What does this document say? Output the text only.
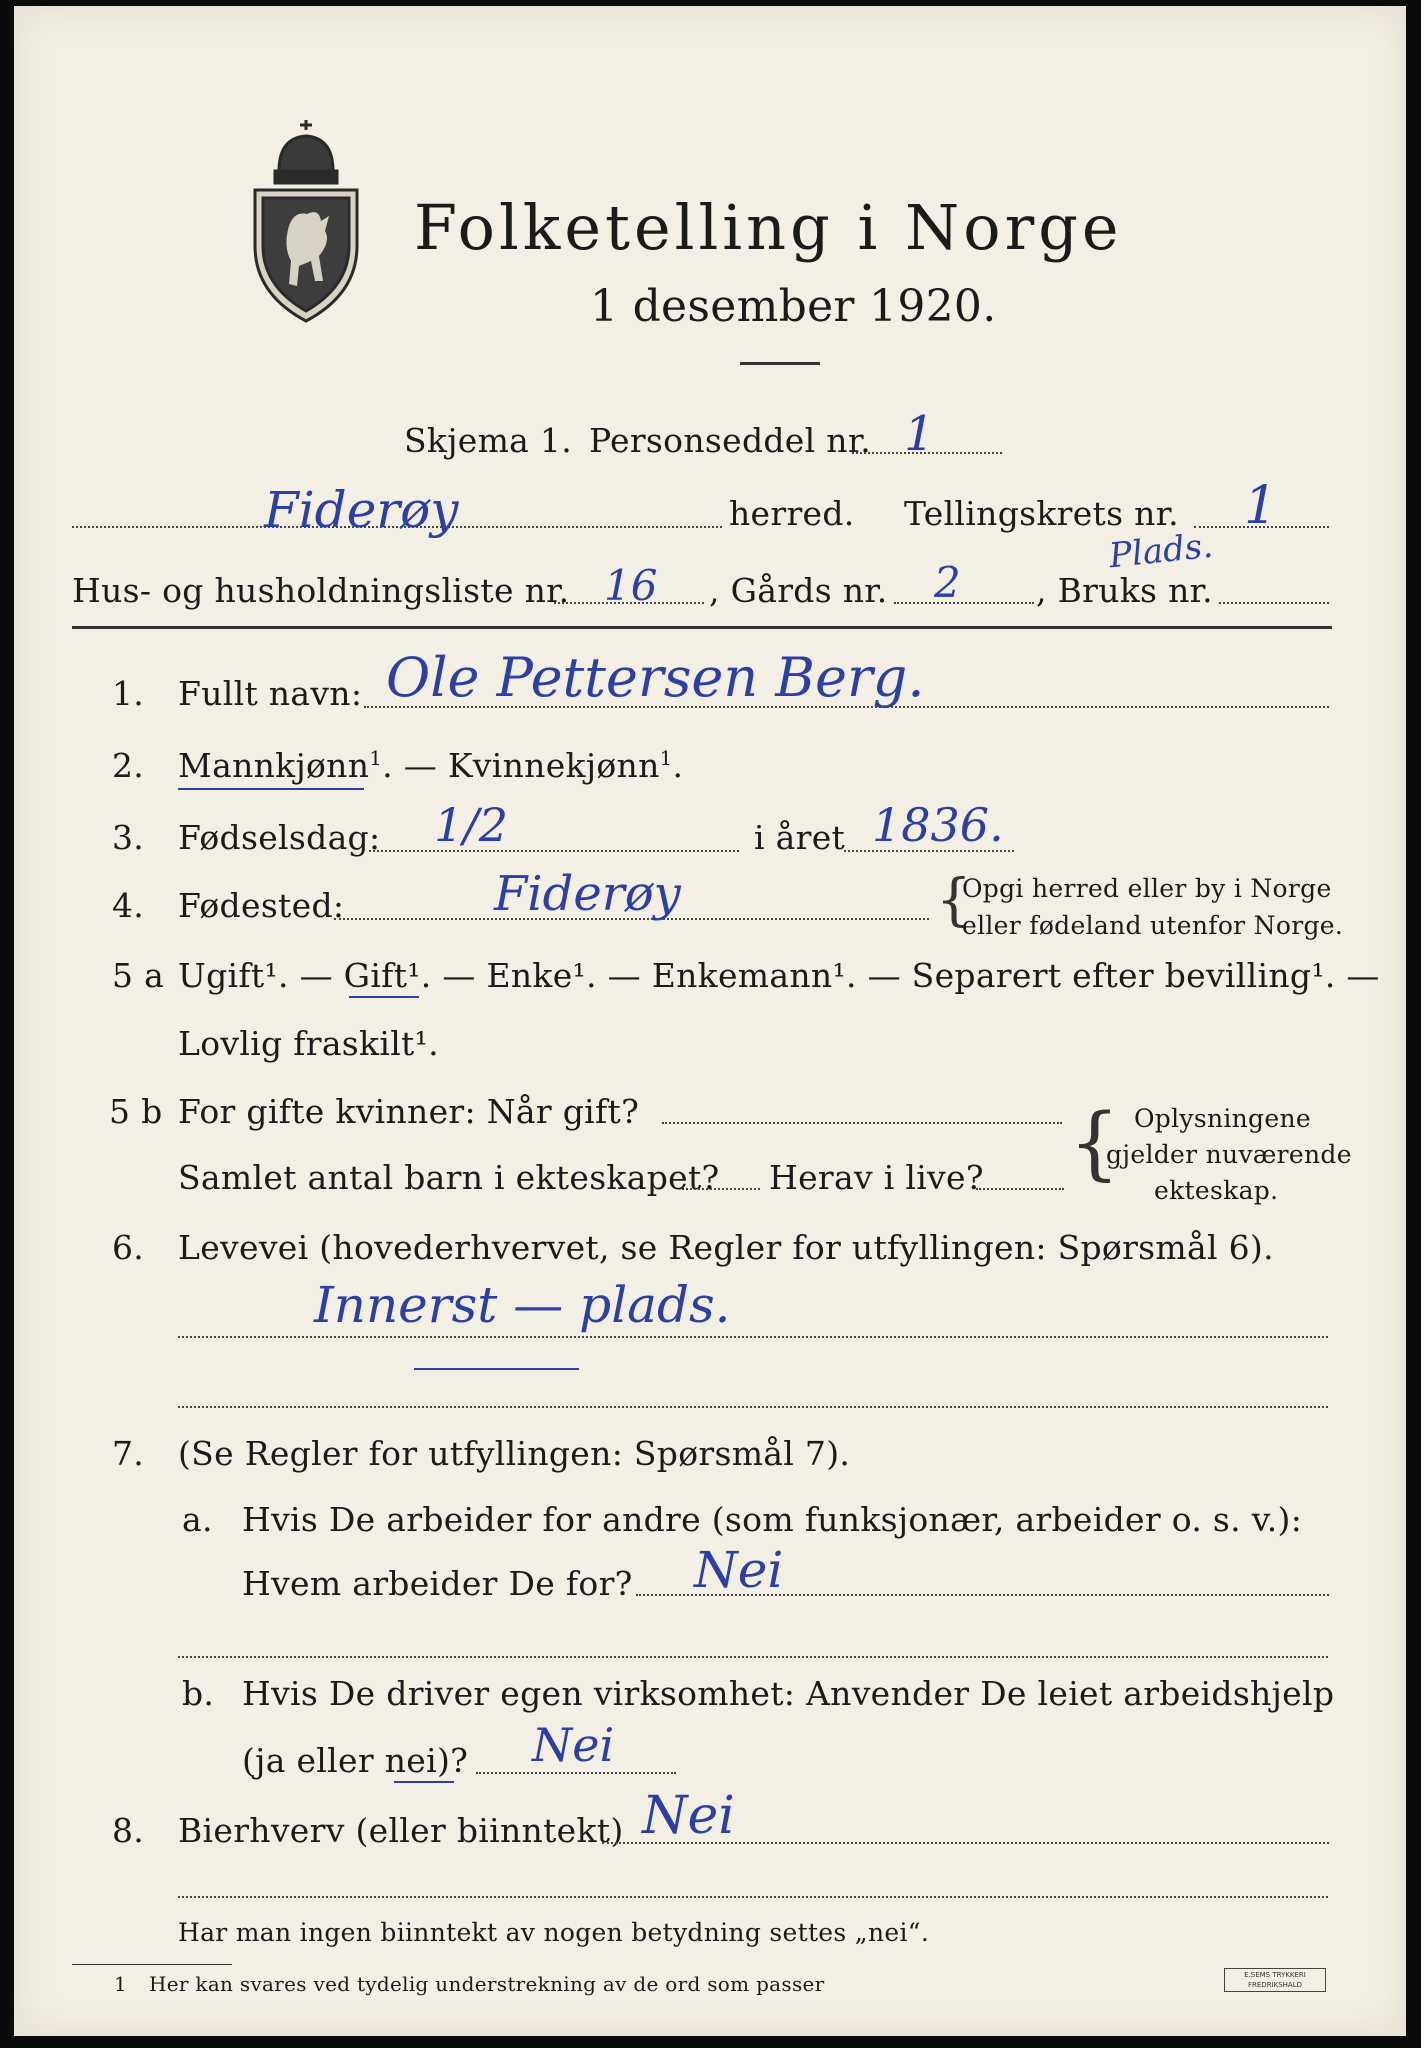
Folketelling i Norge
1 desember 1920.
Skjema 1. Personseddel nr. 1
Fiderøy	herred. Tellingskrets nr. 1
Plads.
Hus- og husholdningsliste nr. 16 , Gårds nr. 2 , Bruks nr.
1. Fullt navn: Ole Pettersen Berg.
2. Mannkjønn$^1$. — Kvinnekjønn$^1$.
3. Fødselsdag: 1/2	i året 1836.
4. Fødested:	Fiderøy	{
Opgi herred eller by i Norge
eller fødeland utenfor Norge.
5 a Ugift¹. — Gift¹. — Enke¹. — Enkemann¹. — Separert efter bevilling¹. —
Lovlig fraskilt¹.
5 b For gifte kvinner: Når gift?
Samlet antal barn i ekteskapet? Herav i live? { Oplysningene
gjelder nuværende
ekteskap.
6. Levevei (hovederhvervet, se Regler for utfyllingen: Spørsmål 6).
Innerst — plads.
7. (Se Regler for utfyllingen: Spørsmål 7).
a. Hvis De arbeider for andre (som funksjonær, arbeider o. s. v.):
Hvem arbeider De for? Nei
b. Hvis De driver egen virksomhet: Anvender De leiet arbeidshjelp
(ja eller nei)? Nei
8. Bierhverv (eller biinntekt) Nei
Har man ingen biinntekt av nogen betydning settes „nei“.
1 Her kan svares ved tydelig understrekning av de ord som passer	E.SEMS TRYKKERI
FREDRIKSHALD
